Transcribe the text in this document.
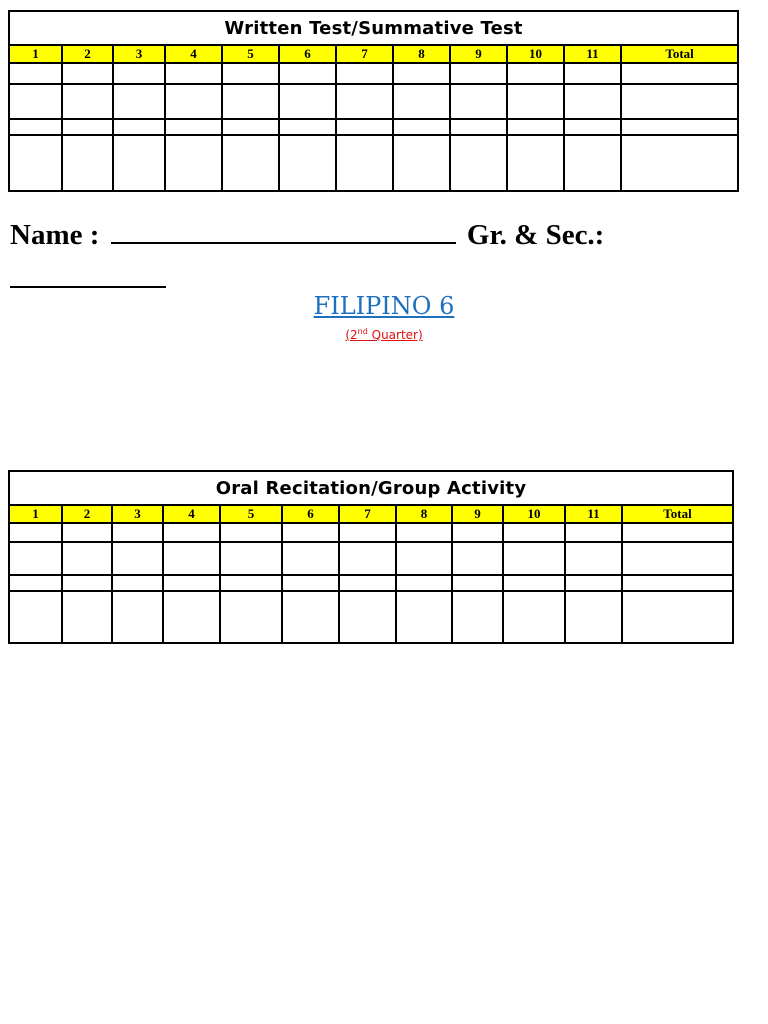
Written Test/Summative Test											
1	2	3	4	5	6	7	8	9	10	11	Total

Name :	Gr. & Sec.:
FILIPINO 6
(2nd Quarter)
Oral Recitation/Group Activity											
1	2	3	4	5	6	7	8	9	10	11	Total
